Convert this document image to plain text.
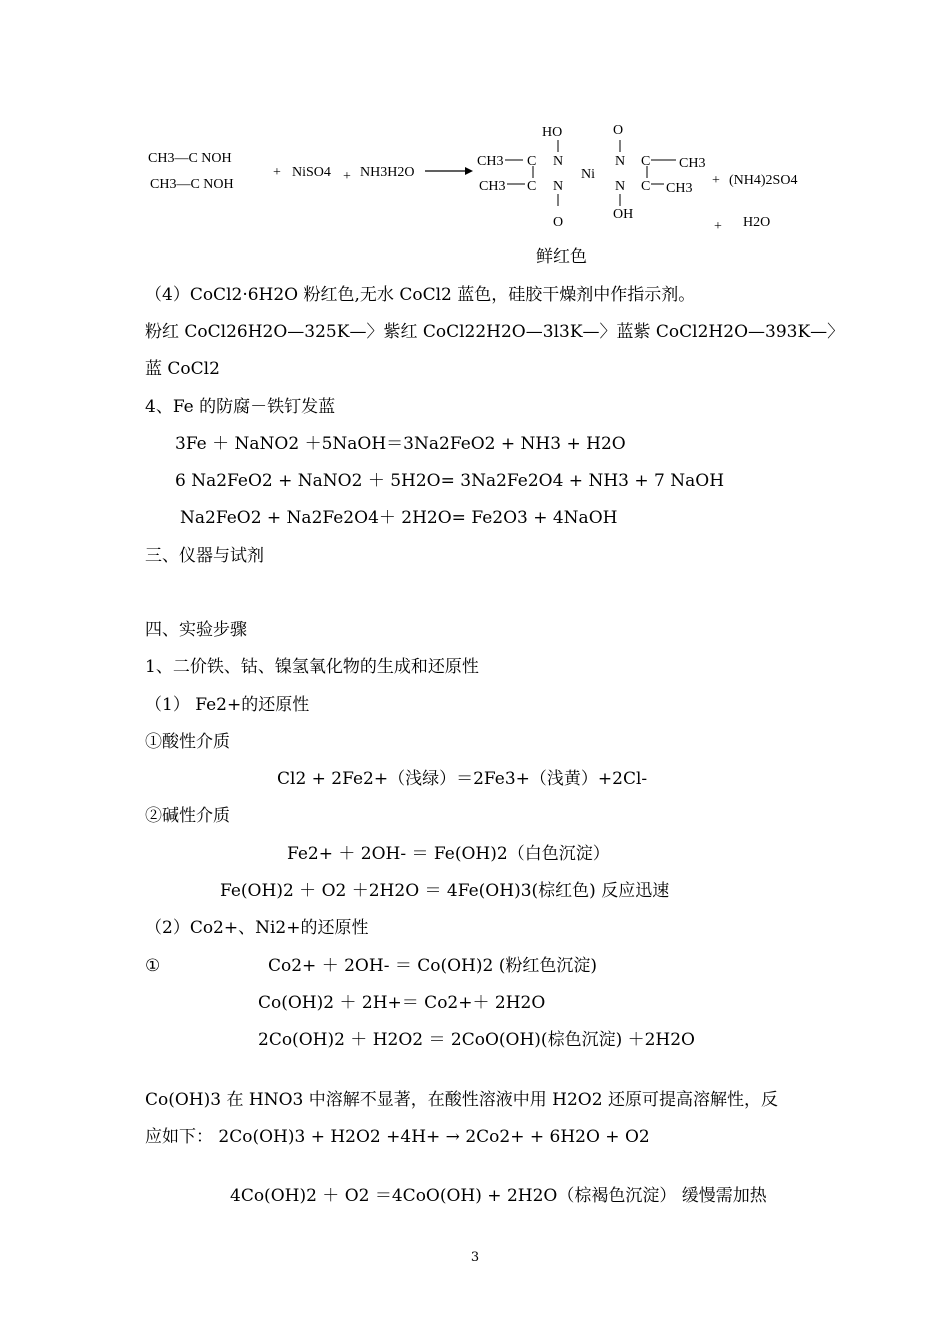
CH3—C NOH
CH3—C NOH
+ NiSO4 + NH3H2O
HO	O
CH3 C N
Ni
N C CH3
CH3 C N	N C CH3
OH
O
+ (NH4)2SO4
+ H2O
鲜红色
（4）CoCl2·6H2O 粉红色,无水 CoCl2 蓝色，硅胶干燥剂中作指示剂。
粉红 CoCl26H2O—325K—〉紫红 CoCl22H2O—3l3K—〉蓝紫 CoCl2H2O—393K—〉
蓝 CoCl2
4、Fe 的防腐－铁钉发蓝
3Fe ＋ NaNO2 ＋5NaOH＝3Na2FeO2 + NH3 + H2O
6 Na2FeO2 + NaNO2 ＋ 5H2O= 3Na2Fe2O4 + NH3 + 7 NaOH
Na2FeO2 + Na2Fe2O4＋ 2H2O= Fe2O3 + 4NaOH
三、仪器与试剂
四、实验步骤
1、二价铁、钴、镍氢氧化物的生成和还原性
（1） Fe2+的还原性
①酸性介质
Cl2 + 2Fe2+（浅绿）＝2Fe3+（浅黄）+2Cl-
②碱性介质
Fe2+ ＋ 2OH- ＝ Fe(OH)2（白色沉淀）
Fe(OH)2 ＋ O2 ＋2H2O ＝ 4Fe(OH)3(棕红色) 反应迅速
（2）Co2+、Ni2+的还原性
①	Co2+ ＋ 2OH- ＝ Co(OH)2 (粉红色沉淀)
Co(OH)2 ＋ 2H+＝ Co2+＋ 2H2O
2Co(OH)2 ＋ H2O2 ＝ 2CoO(OH)(棕色沉淀) ＋2H2O
Co(OH)3 在 HNO3 中溶解不显著，在酸性溶液中用 H2O2 还原可提高溶解性，反
应如下： 2Co(OH)3 + H2O2 +4H+ → 2Co2+ + 6H2O + O2
4Co(OH)2 ＋ O2 ＝4CoO(OH) + 2H2O（棕褐色沉淀） 缓慢需加热
3
